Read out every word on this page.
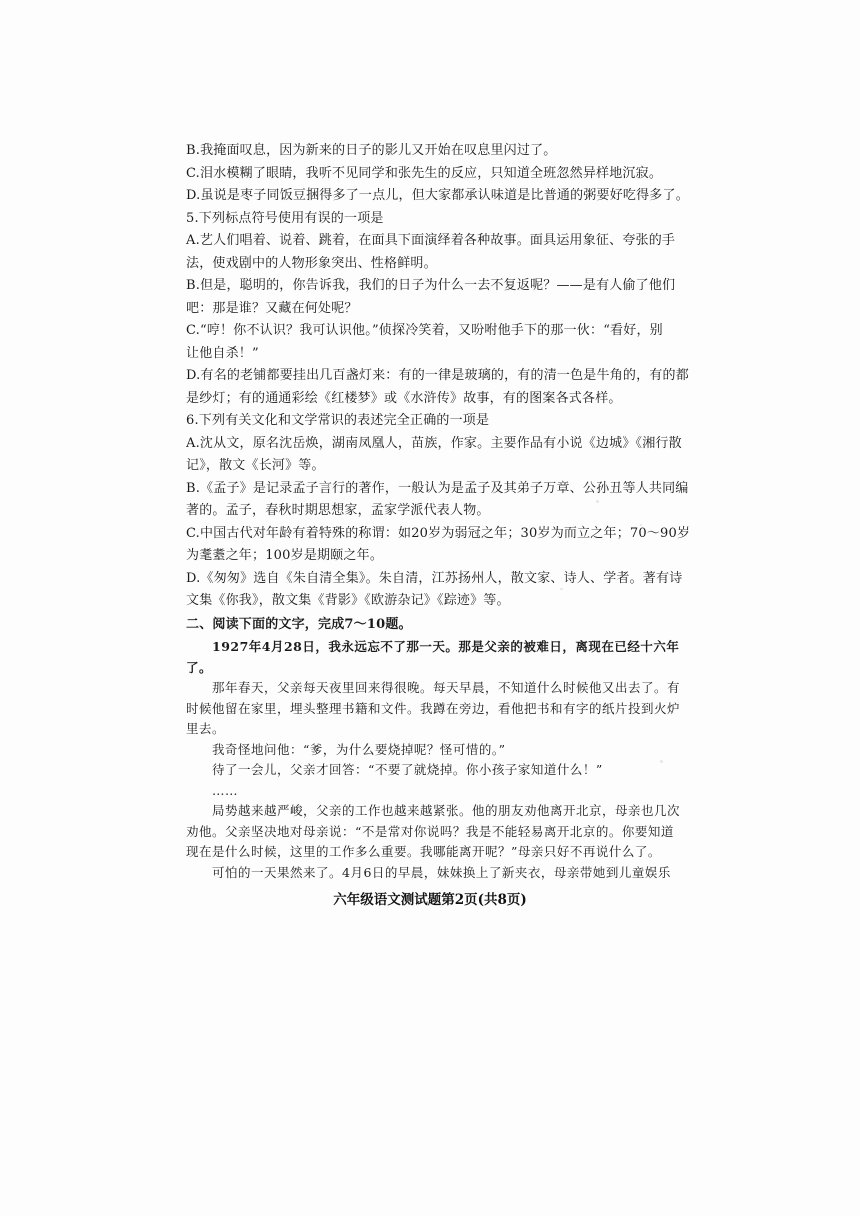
B.我掩面叹息，因为新来的日子的影儿又开始在叹息里闪过了。
C.泪水模糊了眼睛，我听不见同学和张先生的反应，只知道全班忽然异样地沉寂。
D.虽说是枣子同饭豆捆得多了一点儿，但大家都承认味道是比普通的粥要好吃得多了。
5.下列标点符号使用有误的一项是
A.艺人们唱着、说着、跳着，在面具下面演绎着各种故事。面具运用象征、夸张的手
法，使戏剧中的人物形象突出、性格鲜明。
B.但是，聪明的，你告诉我，我们的日子为什么一去不复返呢？——是有人偷了他们
吧：那是谁？又藏在何处呢？
C.“哼！你不认识？我可认识他。”侦探冷笑着，又吩咐他手下的那一伙：“看好，别
让他自杀！”
D.有名的老铺都要挂出几百盏灯来：有的一律是玻璃的，有的清一色是牛角的，有的都
是纱灯；有的通通彩绘《红楼梦》或《水浒传》故事，有的图案各式各样。
6.下列有关文化和文学常识的表述完全正确的一项是
A.沈从文，原名沈岳焕，湖南凤凰人，苗族，作家。主要作品有小说《边城》《湘行散
记》，散文《长河》等。
B.《孟子》是记录孟子言行的著作，一般认为是孟子及其弟子万章、公孙丑等人共同编
著的。孟子，春秋时期思想家，孟家学派代表人物。
C.中国古代对年龄有着特殊的称谓：如20岁为弱冠之年；30岁为而立之年；70～90岁
为耄耋之年；100岁是期颐之年。
D.《匆匆》选自《朱自清全集》。朱自清，江苏扬州人，散文家、诗人、学者。著有诗
文集《你我》，散文集《背影》《欧游杂记》《踪迹》等。
二、阅读下面的文字，完成7～10题。
1927年4月28日，我永远忘不了那一天。那是父亲的被难日，离现在已经十六年
了。
那年春天，父亲每天夜里回来得很晚。每天早晨，不知道什么时候他又出去了。有
时候他留在家里，埋头整理书籍和文件。我蹲在旁边，看他把书和有字的纸片投到火炉
里去。
我奇怪地问他：“爹，为什么要烧掉呢？怪可惜的。”
待了一会儿，父亲才回答：“不要了就烧掉。你小孩子家知道什么！”
……
局势越来越严峻，父亲的工作也越来越紧张。他的朋友劝他离开北京，母亲也几次
劝他。父亲坚决地对母亲说：“不是常对你说吗？我是不能轻易离开北京的。你要知道
现在是什么时候，这里的工作多么重要。我哪能离开呢？”母亲只好不再说什么了。
可怕的一天果然来了。4月6日的早晨，妹妹换上了新夹衣，母亲带她到儿童娱乐
六年级语文测试题第2页(共8页)
